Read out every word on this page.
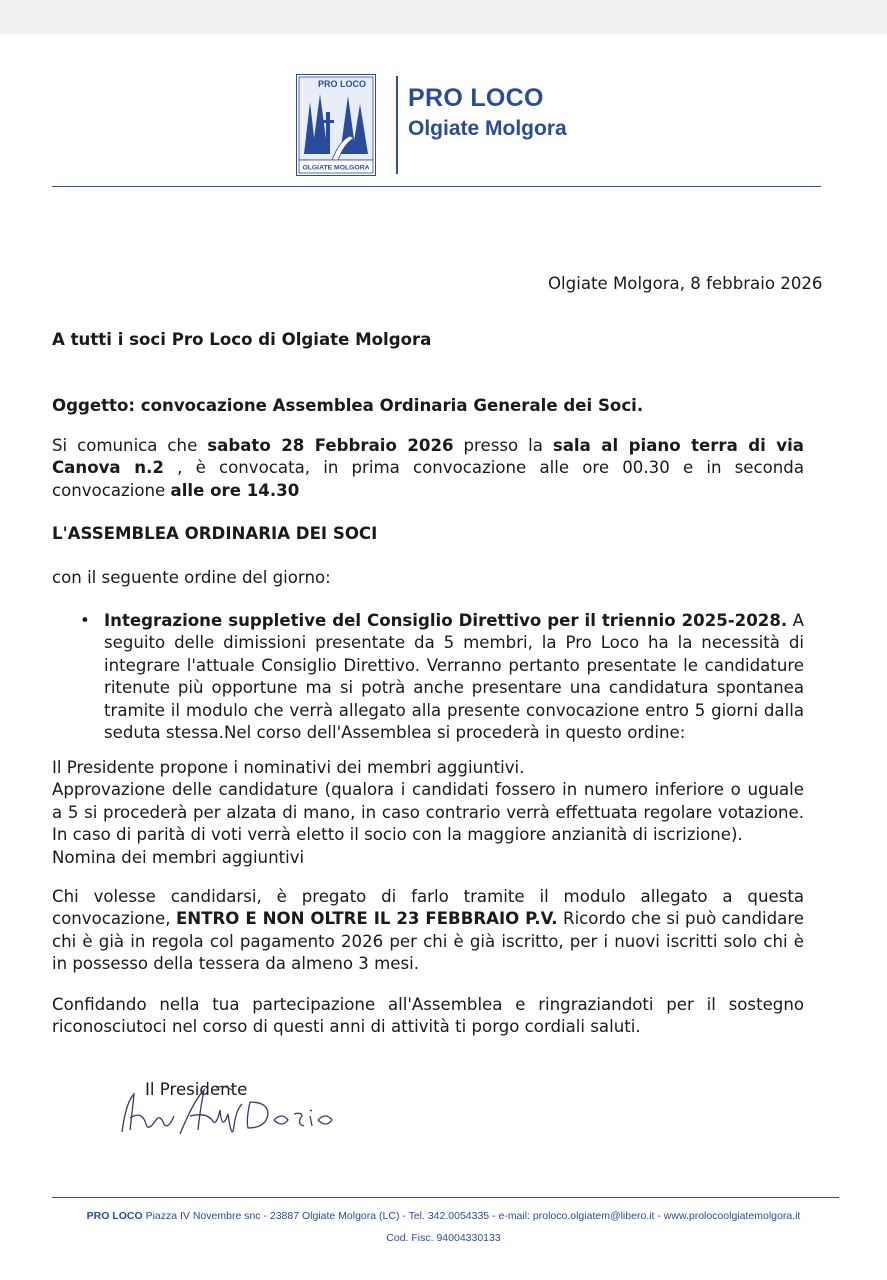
PRO LOCO
OLGIATE MOLGORA
PRO LOCO
Olgiate Molgora

Olgiate Molgora, 8 febbraio 2026

A tutti i soci Pro Loco di Olgiate Molgora

Oggetto: convocazione Assemblea Ordinaria Generale dei Soci.

Si comunica che sabato 28 Febbraio 2026 presso la sala al piano terra di via Canova n.2 , è convocata, in prima convocazione alle ore 00.30 e in seconda convocazione alle ore 14.30

L'ASSEMBLEA ORDINARIA DEI SOCI

con il seguente ordine del giorno:

• Integrazione suppletive del Consiglio Direttivo per il triennio 2025-2028. A seguito delle dimissioni presentate da 5 membri, la Pro Loco ha la necessità di integrare l'attuale Consiglio Direttivo. Verranno pertanto presentate le candidature ritenute più opportune ma si potrà anche presentare una candidatura spontanea tramite il modulo che verrà allegato alla presente convocazione entro 5 giorni dalla seduta stessa.Nel corso dell'Assemblea si procederà in questo ordine:

Il Presidente propone i nominativi dei membri aggiuntivi.
Approvazione delle candidature (qualora i candidati fossero in numero inferiore o uguale a 5 si procederà per alzata di mano, in caso contrario verrà effettuata regolare votazione. In caso di parità di voti verrà eletto il socio con la maggiore anzianità di iscrizione).
Nomina dei membri aggiuntivi

Chi volesse candidarsi, è pregato di farlo tramite il modulo allegato a questa convocazione, ENTRO E NON OLTRE IL 23 FEBBRAIO P.V. Ricordo che si può candidare chi è già in regola col pagamento 2026 per chi è già iscritto, per i nuovi iscritti solo chi è in possesso della tessera da almeno 3 mesi.

Confidando nella tua partecipazione all'Assemblea e ringraziandoti per il sostegno riconosciutoci nel corso di questi anni di attività ti porgo cordiali saluti.

Il Presidente
PRO LOCO Piazza IV Novembre snc - 23887 Olgiate Molgora (LC) - Tel. 342.0054335 - e-mail: proloco.olgiatem@libero.it - www.prolocoolgiatemolgora.it
Cod. Fisc. 94004330133
